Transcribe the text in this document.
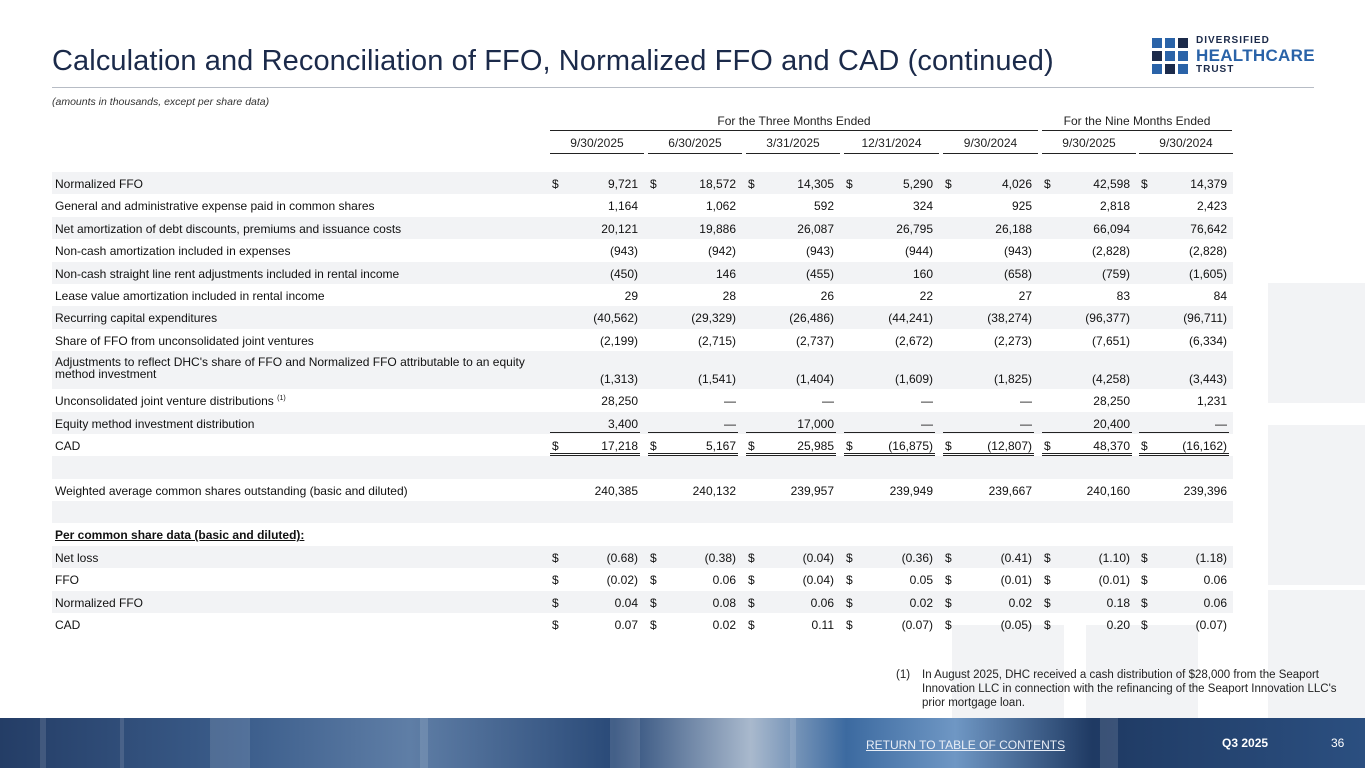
Calculation and Reconciliation of FFO, Normalized FFO and CAD (continued)
(amounts in thousands, except per share data)
DIVERSIFIED
HEALTHCARE
TRUST
For the Three Months Ended	For the Nine Months Ended
9/30/2025	6/30/2025	3/31/2025	12/31/2024	9/30/2024	9/30/2025	9/30/2024
Normalized FFO	$	9,721 $	18,572 $	14,305 $	5,290 $	4,026 $	42,598 $	14,379
General and administrative expense paid in common shares	1,164	1,062	592	324	925	2,818	2,423
Net amortization of debt discounts, premiums and issuance costs	20,121	19,886	26,087	26,795	26,188	66,094	76,642
Non-cash amortization included in expenses	(943)	(942)	(943)	(944)	(943)	(2,828)	(2,828)
Non-cash straight line rent adjustments included in rental income	(450)	146	(455)	160	(658)	(759)	(1,605)
Lease value amortization included in rental income	29	28	26	22	27	83	84
Recurring capital expenditures	(40,562)	(29,329)	(26,486)	(44,241)	(38,274)	(96,377)	(96,711)
Share of FFO from unconsolidated joint ventures	(2,199)	(2,715)	(2,737)	(2,672)	(2,273)	(7,651)	(6,334)
Adjustments to reflect DHC's share of FFO and Normalized FFO attributable to an equity method investment	(1,313)	(1,541)	(1,404)	(1,609)	(1,825)	(4,258)	(3,443)
Unconsolidated joint venture distributions $^{(1)}$	28,250	—	—	—	—	28,250	1,231
Equity method investment distribution	3,400	—	17,000	—	—	20,400	—
CAD	$	17,218 $	5,167 $	25,985 $	(16,875) $	(12,807) $	48,370 $	(16,162)
Weighted average common shares outstanding (basic and diluted)	240,385	240,132	239,957	239,949	239,667	240,160	239,396
Per common share data (basic and diluted):
Net loss	$	(0.68) $	(0.38) $	(0.04) $	(0.36) $	(0.41) $	(1.10) $	(1.18)
FFO	$	(0.02) $	0.06 $	(0.04) $	0.05 $	(0.01) $	(0.01) $	0.06
Normalized FFO	$	0.04 $	0.08 $	0.06 $	0.02 $	0.02 $	0.18 $	0.06
CAD	$	0.07 $	0.02 $	0.11 $	(0.07) $	(0.05) $	0.20 $	(0.07)
(1)	In August 2025, DHC received a cash distribution of $28,000 from the Seaport Innovation LLC in connection with the refinancing of the Seaport Innovation LLC's prior mortgage loan.
RETURN TO TABLE OF CONTENTS	Q3 2025	36
